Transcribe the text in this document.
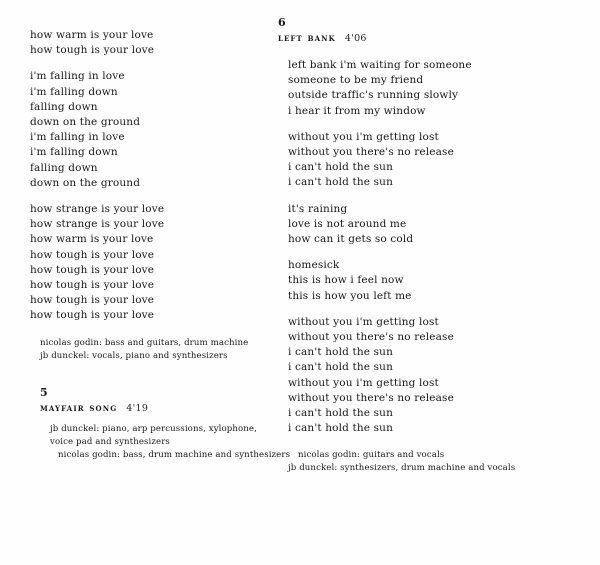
how warm is your love
how tough is your love
i'm falling in love
i'm falling down
falling down
down on the ground
i'm falling in love
i'm falling down
falling down
down on the ground
how strange is your love
how strange is your love
how warm is your love
how tough is your love
how tough is your love
how tough is your love
how tough is your love
how tough is your love
nicolas godin: bass and guitars, drum machine
jb dunckel: vocals, piano and synthesizers
5
mayfair song 4'19
jb dunckel: piano, arp percussions, xylophone,
voice pad and synthesizers
nicolas godin: bass, drum machine and synthesizers
6
left bank 4'06
left bank i'm waiting for someone
someone to be my friend
outside traffic's running slowly
i hear it from my window
without you i'm getting lost
without you there's no release
i can't hold the sun
i can't hold the sun
it's raining
love is not around me
how can it gets so cold
homesick
this is how i feel now
this is how you left me
without you i'm getting lost
without you there's no release
i can't hold the sun
i can't hold the sun
without you i'm getting lost
without you there's no release
i can't hold the sun
i can't hold the sun
nicolas godin: guitars and vocals
jb dunckel: synthesizers, drum machine and vocals
